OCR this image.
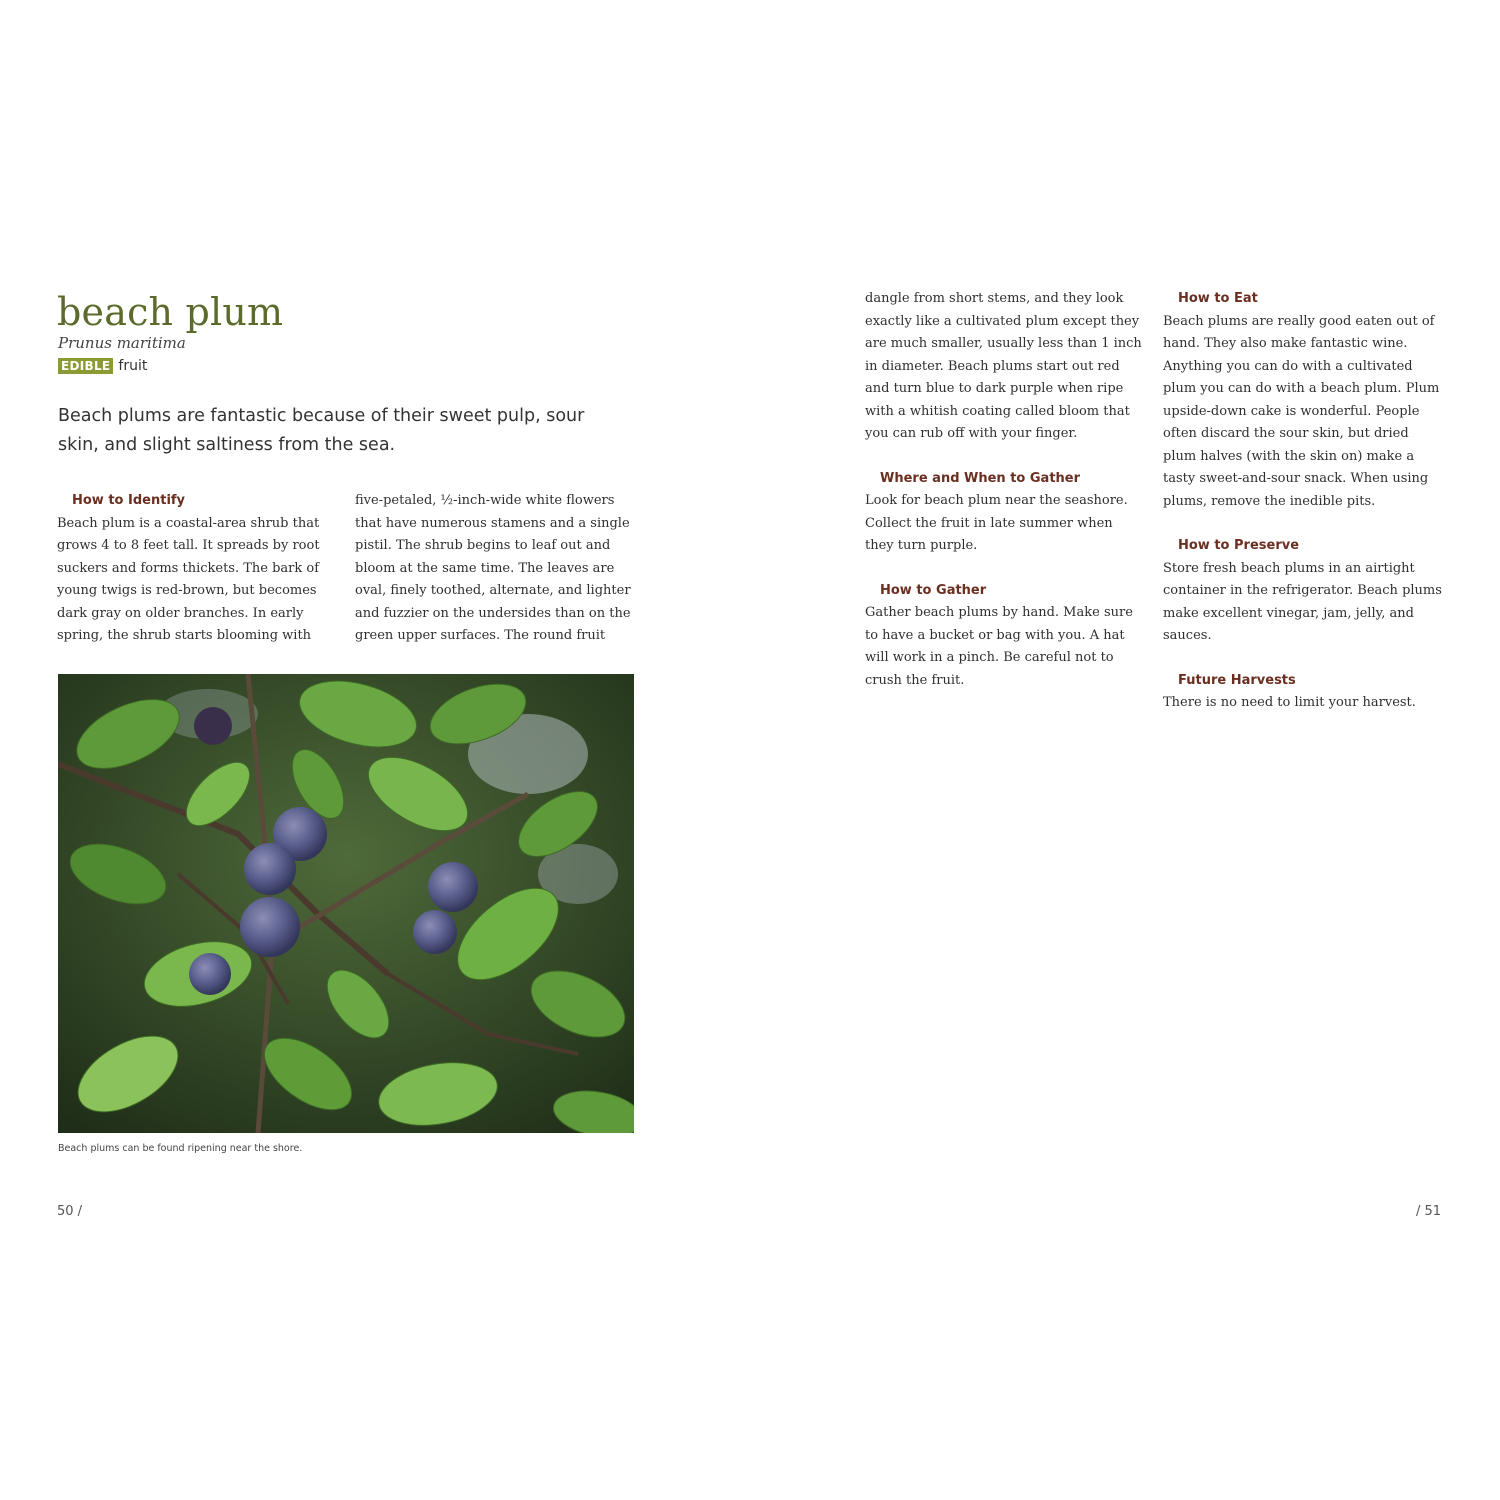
beach plum
Prunus maritima
EDIBLE fruit

Beach plums are fantastic because of their sweet pulp, sour skin, and slight saltiness from the sea.

How to Identify

Beach plum is a coastal-area shrub that grows 4 to 8 feet tall. It spreads by root suckers and forms thickets. The bark of young twigs is red-brown, but becomes dark gray on older branches. In early spring, the shrub starts blooming with

five-petaled, ½-inch-wide white flowers that have numerous stamens and a single pistil. The shrub begins to leaf out and bloom at the same time. The leaves are oval, finely toothed, alternate, and lighter and fuzzier on the undersides than on the green upper surfaces. The round fruit

dangle from short stems, and they look exactly like a cultivated plum except they are much smaller, usually less than 1 inch in diameter. Beach plums start out red and turn blue to dark purple when ripe with a whitish coating called bloom that you can rub off with your finger.

Where and When to Gather

Look for beach plum near the seashore. Collect the fruit in late summer when they turn purple.

How to Gather

Gather beach plums by hand. Make sure to have a bucket or bag with you. A hat will work in a pinch. Be careful not to crush the fruit.

How to Eat

Beach plums are really good eaten out of hand. They also make fantastic wine. Anything you can do with a cultivated plum you can do with a beach plum. Plum upside-down cake is wonderful. People often discard the sour skin, but dried plum halves (with the skin on) make a tasty sweet-and-sour snack. When using plums, remove the inedible pits.

How to Preserve

Store fresh beach plums in an airtight container in the refrigerator. Beach plums make excellent vinegar, jam, jelly, and sauces.

Future Harvests

There is no need to limit your harvest.

Beach plums can be found ripening near the shore.
50 /	/ 51
